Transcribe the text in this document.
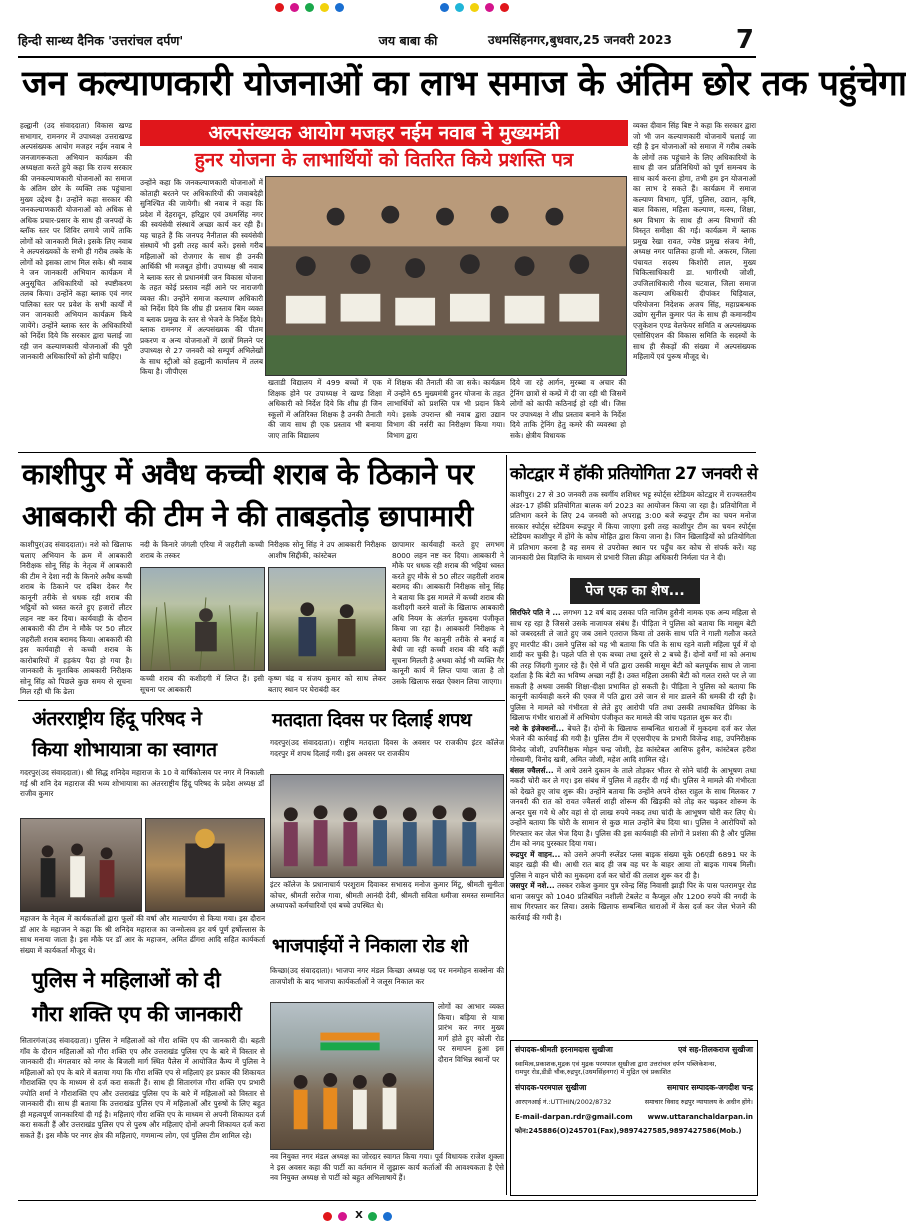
हिन्दी सान्ध्य दैनिक 'उत्तरांचल दर्पण'	जय बाबा की	उधमसिंहनगर,बुधवार,25 जनवरी 2023	7
जन कल्याणकारी योजनाओं का लाभ समाज के अंतिम छोर तक पहुंचेगा
हल्द्वानी (उद संवाददाता) विकास खण्ड सभागार, रामनगर में उपाध्यक्ष उत्तराखण्ड अल्पसंख्यक आयोग मजहर नईम नवाब ने जनजागरूकता अभियान कार्यक्रम की अध्यक्षता करते हुये कहा कि राज्य सरकार की जनकल्याणकारी योजनाओं का समाज के अंतिम छोर के व्यक्ति तक पहुंचाना मुख्य उद्देश्य है। उन्होंने कहा सरकार की जनकल्याणकारी योजनाओं को अधिक से अधिक प्रचार-प्रसार के साथ ही जनपदों के ब्लॉक स्तर पर शिविर लगाये जायें ताकि लोगों को जानकारी मिले। इसके लिए नवाब ने अल्पसंख्यकों के सभी ही गरीब तबके के लोगों को इसका लाभ मिल सके। श्री नवाब ने जन जानकारी अभियान कार्यक्रम में अनुसूचित अधिकारियों को स्पष्टीकरण तलब किया। उन्होंने कहा ब्लाक एवं नगर पालिका स्तर पर प्रवेश के सभी कार्यों में जन जानकारी अभियान कार्यक्रम किये जायेंगे। उन्होंने ब्लाक स्तर के अधिकारियों को निर्देश दिये कि सरकार द्वारा चलाई जा रही जन कल्याणकारी योजनाओं की पूरी जानकारी अधिकारियों को होनी चाहिए।
अल्पसंख्यक आयोग मजहर नईम नवाब ने मुख्यमंत्री
हुनर योजना के लाभार्थियों को वितरित किये प्रशस्ति पत्र
उन्होंने कहा कि जनकल्याणकारी योजनाओं में कोताही बरतने पर अधिकारियों की जवाबदेही सुनिश्चित की जायेगी। श्री नवाब ने कहा कि प्रदेश में देहरादून, हरिद्वार एवं उधमसिंह नगर की स्वयंसेवी संस्थायें अच्छा कार्य कर रही हैं। यह चाहते हैं कि जनपद नैनीताल की स्वयंसेवी संस्थायें भी इसी तरह कार्य करें। इससे गरीब महिलाओं को रोजगार के साथ ही उनकी आर्थिकी भी मजबूत होगी। उपाध्यक्ष श्री नवाब ने ब्लाक स्तर से प्रधानमंत्री जन विकास योजना के तहत कोई प्रस्ताव नहीं आने पर नाराजगी व्यक्त की। उन्होंने समाज कल्याण अधिकारी को निर्देश दिये कि शीघ्र ही प्रस्ताव बिम व्यक्त व ब्लाक प्रमुख के स्तर से भेजने के निर्देश दिये। ब्लाक रामनगर में अल्पसंख्यक की पीतम प्रकरण व अन्य योजनाओं में छात्रों मिलने पर उपाध्यक्ष से 27 जनवरी को सम्पूर्ण अभिलेखों के साथ स्ट्रीओ को हल्द्वानी कार्यालय में तलब किया है। जीपीएस
खताडी विद्यालय में 499 बच्चों में एक शिक्षक होने पर उपाध्यक्ष ने खण्ड शिक्षा अधिकारी को निर्देश दिये कि शीघ्र ही जिन स्कूलों में अतिरिक्त शिक्षक है उनकी तैनाती की जाय साथ ही एक प्रस्ताव भी बनाया जाए ताकि विद्यालय
में शिक्षक की तैनाती की जा सके। कार्यक्रम में उन्होंने 65 मुख्यमंत्री हुनर योजना के तहत लाभार्थियों को प्रशस्ति पत्र भी प्रदान किये गये। इसके उपरान्त श्री नवाब द्वारा उद्यान विभाग की नर्सरी का निरीक्षण किया गया। विभाग द्वारा
दिये जा रहे आर्गन, मुरब्बा व अचार की ट्रेनिंग छात्रों से कम्प्रें में दी जा रही थी जिसमें लोगों को काफी कठिनाई हो रही थी। जिस पर उपाध्यक्ष ने शीघ्र प्रस्ताव बनाने के निर्देश दिये ताकि ट्रेनिंग हेतु कमरे की व्यवस्था हो सके। क्षेत्रीय विधायक
व्यक्त दीवान सिंह बिष्ट ने कहा कि सरकार द्वारा जो भी जन कल्याणकारी योजनायें चलाई जा रही है इन योजनाओं को समाज में गरीब तबके के लोगों तक पहुंचाने के लिए अधिकारियों के साथ ही जन प्रतिनिधियों को पूर्ण समन्वय के साथ कार्य करना होगा, तभी हम इन योजनाओं का लाभ दे सकते हैं। कार्यक्रम में समाज कल्याण विभाग, पूर्ति, पुलिस, उद्यान, कृषि, बाल विकास, महिला कल्याण, मत्स्य, शिक्षा, श्रम विभाग के साथ ही अन्य विभागों की विस्तृत समीक्षा की गई। कार्यक्रम में ब्लाक प्रमुख रेखा रावत, ज्येष्ठ प्रमुख संजय नेगी, अध्यक्ष नगर पालिका हाजी मो. अकरम, जिला पंचायत सदस्य किशोरी लाल, मुख्य चिकित्साधिकारी डा. भागीरथी जोशी, उपजिलाधिकारी गौरव चटवाल, जिला समाज कल्याण अधिकारी दीपांकर घिड़ियाल, परियोजना निदेशक अजय सिंह, महाप्रबन्धक उद्योग सुनील कुमार पंत के साथ ही कमानदीय एजुकेशन एण्ड वेलफेयर समिति व अल्पसंख्यक एसोसिएशन की विकास समिति के सदस्यों के साथ ही सैकड़ों की संख्या में अल्पसंख्यक महिलायें एवं पुरूष मौजूद थे।
काशीपुर में अवैध कच्ची शराब के ठिकाने पर
आबकारी की टीम ने की ताबड़तोड़ छापामारी
काशीपुर(उद संवाददाता)। नशे को खिलाफ चलाए अभियान के क्रम में आबकारी निरीक्षक सोनू सिंह के नेतृत्व में आबकारी की टीम ने देशा नदी के किनारे अवैध कच्ची शराब के ठिकाने पर दबिश देकर गैर कानूनी तरीके से धधक रही शराब की भट्ठियों को ध्वस्त करते हुए हजारों लीटर लहन नष्ट कर दिया। कार्यवाही के दौरान आबकारी की टीम ने मौके पर 50 लीटर जहरीली शराब बरामद किया। आबकारी की इस कार्यवाही से कच्ची शराब के कारोबारियों में हड़कंप पैदा हो गया है। जानकारी के मुताबिक आबकारी निरीक्षक सोनू सिंह को पिछले कुछ समय से सूचना मिल रही थी कि ढेला
नदी के किनारे जंगली एरिया में जहरीली कच्ची शराब के तस्कर
कच्ची शराब की कशीदगी में लिप्त हैं। इसी सूचना पर आबकारी
निरीक्षक सोनू सिंह ने उप आबकारी निरीक्षक आशीष सिद्दीकी, कांस्टेबल
कृष्ण चंद्र व संजय कुमार को साथ लेकर बताए स्थान पर घेराबंदी कर
छापामार कार्यवाही करते हुए लगभग 8000 लहन नष्ट कर दिया। आबकारी ने मौके पर धधक रही शराब की भट्टियां ध्वस्त करते हुए मौके से 50 लीटर जहरीली शराब बरामद की। आबकारी निरीक्षक सोनू सिंह ने बताया कि इस मामले में कच्ची शराब की कशीदगी करने वालों के खिलाफ आबकारी अधि नियम के अंतर्गत मुकदमा पंजीकृत किया जा रहा है। आबकारी निरीक्षक ने बताया कि गैर कानूनी तरीके से बनाई व बेची जा रही कच्ची शराब की यदि कहीं सूचना मिलती है अथवा कोई भी व्यक्ति गैर कानूनी कार्य में लिप्त पाया जाता है तो उसके खिलाफ सख्त ऐक्शन लिया जाएगा।
कोटद्वार में हॉकी प्रतियोगिता 27 जनवरी से
काशीपुर। 27 से 30 जनवरी तक स्वर्गीय शशिधर भट्ट स्पोर्ट्स स्टेडियम कोटद्वार में राज्यस्तरीय अंडर-17 हॉकी प्रतियोगिता बालक वर्ग 2023 का आयोजन किया जा रहा है। प्रतियोगिता में प्रतिभाग करने के लिए 24 जनवरी को अपराह्न 3:00 बजे रूद्रपुर टीम का चयन मनोज सरकार स्पोर्ट्स स्टेडियम रूद्रपुर में किया जाएगा इसी तरह काशीपुर टीम का चयन स्पोर्ट्स स्टेडियम काशीपुर में होंगे के कोच मोहित द्वारा किया जाना है। जिन खिलाड़ियों को प्रतियोगिता में प्रतिभाग करना है वह समय से उपरोक्त स्थान पर पहुँच कर कोच से संपर्क करें। यह जानकारी प्रेस विज्ञप्ति के माध्यम से प्रभारी जिला क्रीड़ा अधिकारी निर्मला पंत ने दी।
पेज एक का शेष...

सिरफिरे पति ने ... लगभग 12 वर्ष बाद उसका पति नाजिम हुसैनी नामक एक अन्य महिला से साथ रह रहा है जिससे उसके नाजायज संबंध हैं। पीड़िता ने पुलिस को बताया कि मासूम बेटी को जबरदस्ती ले जाते हुए जब उसने एतराज किया तो उसके साथ पति ने गाली गलौज करते हुए मारपीट की। उसने पुलिस को यह भी बताया कि पति के साथ रहने वाली महिला पूर्व में दो शादी कर चुकी है। पहले पति से एक बच्चा तथा दूसरे से 2 बच्चे हैं। दोनों वर्गों मां को अनाथ की तरह जिंदगी गुजार रहे हैं। ऐसे में पति द्वारा उसकी मासूम बेटी को बलपूर्वक साथ ले जाना दर्शाता है कि बेटी का भविष्य अच्छा नहीं है। उक्त महिला उसकी बेटी को गलत रास्ते पर ले जा सकती है अथवा उसकी शिक्षा-दीक्षा प्रभावित हो सकती है। पीड़िता ने पुलिस को बताया कि कानूनी कार्यवाही करने की एवज में पति द्वारा उसे जान से मार डालने की धमकी दी रही है। पुलिस ने मामले को गंभीरता से लेते हुए आरोपी पति तथा उसकी तथाकथित प्रेमिका के खिलाफ गंभीर धाराओं में अभियोग पंजीकृत कर मामले की जांच पड़ताल शुरू कर दी।

नशे के इंजेक्शनों... बेचते हैं। दोनों के खिलाफ सम्बन्धित धाराओं में मुकदमा दर्ज कर जेल भेजने की कार्रवाई की गयी है। पुलिस टीम में एएसपीएच के प्रभारी विजेन्द्र शाह, उपनिरीक्षक विनोद जोशी, उपनिरीक्षक मोहन चन्द्र जोशी, हेड कांस्टेबल आसिफ हुसैन, कांस्टेबल हरीश गोस्वामी, विनोद खत्री, अमित जोशी, महेश आदि शामिल रहे।

बंसल ज्वैलर्स... में आये उसने दुकान के ताले तोड़कर भीतर से सोने चांदी के आभूषण तथा नकदी चोरी कर ले गए। इस संबंध में पुलिस में तहरीर दी गई थी। पुलिस ने मामले की गंभीरता को देखते हुए जांच शुरू की। उन्होंने बताया कि उन्होंने अपने दोस्त राहुल के साथ मिलकर 7 जनवरी की रात को रावत ज्वैलर्स शाही शोरूम की खिड़की को तोड़ कर चढ़कर शोरूम के अन्दर घुस गये थे और वहां से दो लाख रुपये नकद तथा चांदी के आभूषण चोरी कर लिए थे। उन्होंने बताया कि चोरी के सामान से कुछ माल उन्होंने बेच दिया था। पुलिस ने आरोपियों को गिरफ्तार कर जेल भेज दिया है। पुलिस की इस कार्यवाही की लोगों ने प्रशंसा की है और पुलिस टीम को नगद पुरस्कार दिया गया।

रूद्रपुर में वाहन... को उसने अपनी स्प्लेंडर प्लस बाइक संख्या यूके 06एडी 6891 घर के बाहर खड़ी की थी। आधी रात बाद ही जब वह घर के बाहर आया तो बाइक गायब मिली। पुलिस ने वाहन चोरी का मुकदमा दर्ज कर चोरों की तलाश शुरू कर दी है।

जसपुर में नशे... तस्कर राकेश कुमार पुत्र रवेन्द्र सिंह निवासी झाड़ी पिर के पास पतरामपुर रोड थाना जसपुर को 1040 प्रतिबंधित नशीली टेबलेट व कैप्सूल और 1200 रुपये की नगदी के साथ गिरफ्तार कर लिया। उसके खिलाफ सम्बन्धित धाराओं में केस दर्ज कर जेल भेजने की कार्रवाई की गयी है।

अंतरराष्ट्रीय हिंदू परिषद ने
किया शोभायात्रा का स्वागत
गदरपुर(उद संवाददाता)। श्री सिद्ध शनिदेव महाराज के 10 वे वार्षिकोत्सव पर नगर में निकाली गई श्री शनि देव महाराज की भव्य शोभायात्रा का अंतरराष्ट्रीय हिंदू परिषद के प्रदेश अध्यक्ष डॉ राजीव कुमार
महाजन के नेतृत्व में कार्यकर्ताओं द्वारा फूलों की वर्षा और माल्यार्पण से किया गया। इस दौरान डॉ आर के महाजन ने कहा कि श्री शनिदेव महाराज का जन्मोत्सव हर वर्ष पूर्ण हर्षोल्लास के साथ मनाया जाता है। इस मौके पर डॉ आर के महाजन, अमित ढींगरा आदि सहित कार्यकर्ता संख्या में कार्यकर्ता मौजूद थे।
मतदाता दिवस पर दिलाई शपथ
गदरपुर(उद संवाददाता)। राष्ट्रीय मतदाता दिवस के अवसर पर राजकीय इंटर कॉलेज गदरपुर में शपथ दिलाई गयी। इस अवसर पर राजकीय
इंटर कॉलेज के प्रधानाचार्य परशुराम दिवाकर सभासद मनोज कुमार मिंटू, श्रीमती सुनीता कोचर, श्रीमती सरोज गावा, श्रीमती आनंदी देवी, श्रीमती सविता धमीजा समस्त सम्मानित अध्यापकों कर्मचारियों एवं बच्चे उपस्थित थे।
भाजपाईयों ने निकाला रोड शो
किच्छा(उद संवाददाता)। भाजपा नगर मंडल किच्छा अध्यक्ष पद पर मनमोहन सक्सेना की ताजपोशी के बाद भाजपा कार्यकर्ताओं ने जलूस निकाल कर
लोगों का आभार व्यक्त किया। बड़िया से यात्रा प्रारंभ कर नगर मुख्य मार्ग होते हुए कोली रोड पर समापन हुआ इस दौरान विभिन्न स्थानों पर
नव नियुक्त नगर मंडल अध्यक्ष का जोरदार स्वागत किया गया। पूर्व विधायक राजेश शुक्ला ने इस अवसर कहा की पार्टी का वर्तमान में जुझारू कार्य कर्ताओं की आवश्यकता है ऐसे नव नियुक्त अध्यक्ष से पार्टी को बहुत अभिलाषायें हैं।
पुलिस ने महिलाओं को दी
गौरा शक्ति एप की जानकारी
सितारगंज(उद संवाददाता)। पुलिस ने महिलाओं को गौरा शक्ति एप की जानकारी दी। बहती गाँव के दौरान महिलाओं को गौरा शक्ति एप और उत्तराखंड पुलिस एप के बारे में विस्तार से जानकारी दी। मंगलवार को नगर के बिजली मार्ग स्थित पैलेस में आयोजित कैम्प में पुलिस ने महिलाओं को एप के बारे में बताया गया कि गौरा शक्ति एप से महिलाएं हर प्रकार की शिकायत गौराशक्ति एप के माध्यम से दर्ज करा सकती हैं। साथ ही सितारगंज गौरा शक्ति एप प्रभारी ज्योति शर्मा ने गौराशक्ति एप और उत्तराखंड पुलिस एप के बारे में महिलाओं को विस्तार से जानकारी दी। साथ ही बताया कि उत्तराखंड पुलिस एप में महिलाओं और पुरुषों के लिए बहुत ही महत्वपूर्ण जानकारियां दी गई है। महिलाएं गौरा शक्ति एप के माध्यम से अपनी शिकायत दर्ज करा सकती हैं और उत्तराखंड पुलिस एप से पुरुष और महिलाएं दोनों अपनी शिकायत दर्ज करा सकते हैं। इस मौके पर नगर क्षेत्र की महिलाएं, गणमान्य लोग, एवं पुलिस टीम शामिल रहे।
संपादक-श्रीमती हरनामदास सुखीजा	एवं सह-तिलकराज सुखीजा
स्वामित्व,प्रकाशक,मुद्रक एवं मुद्रक परमपाल सुखीजा द्वारा उत्तरांचल दर्पण पब्लिकेशन्स,
रामपुर रोड,डीडी चौक,रुद्रपुर,(उधमसिंहनगर) में मुद्रित एवं प्रकाशित
संपादक-परमपाल सुखीजा	समाचार सम्पादक-जगदीश चन्द्र
आरएनआई नं.:UTTHIN/2002/8732	समाचार विवाद रुद्रपुर न्यायालय के अधीन होंगे।
E-mail-darpan.rdr@gmail.com www.uttaranchaldarpan.in
फोन:245886(O)245701(Fax),9897427585,9897427586(Mob.)
X
